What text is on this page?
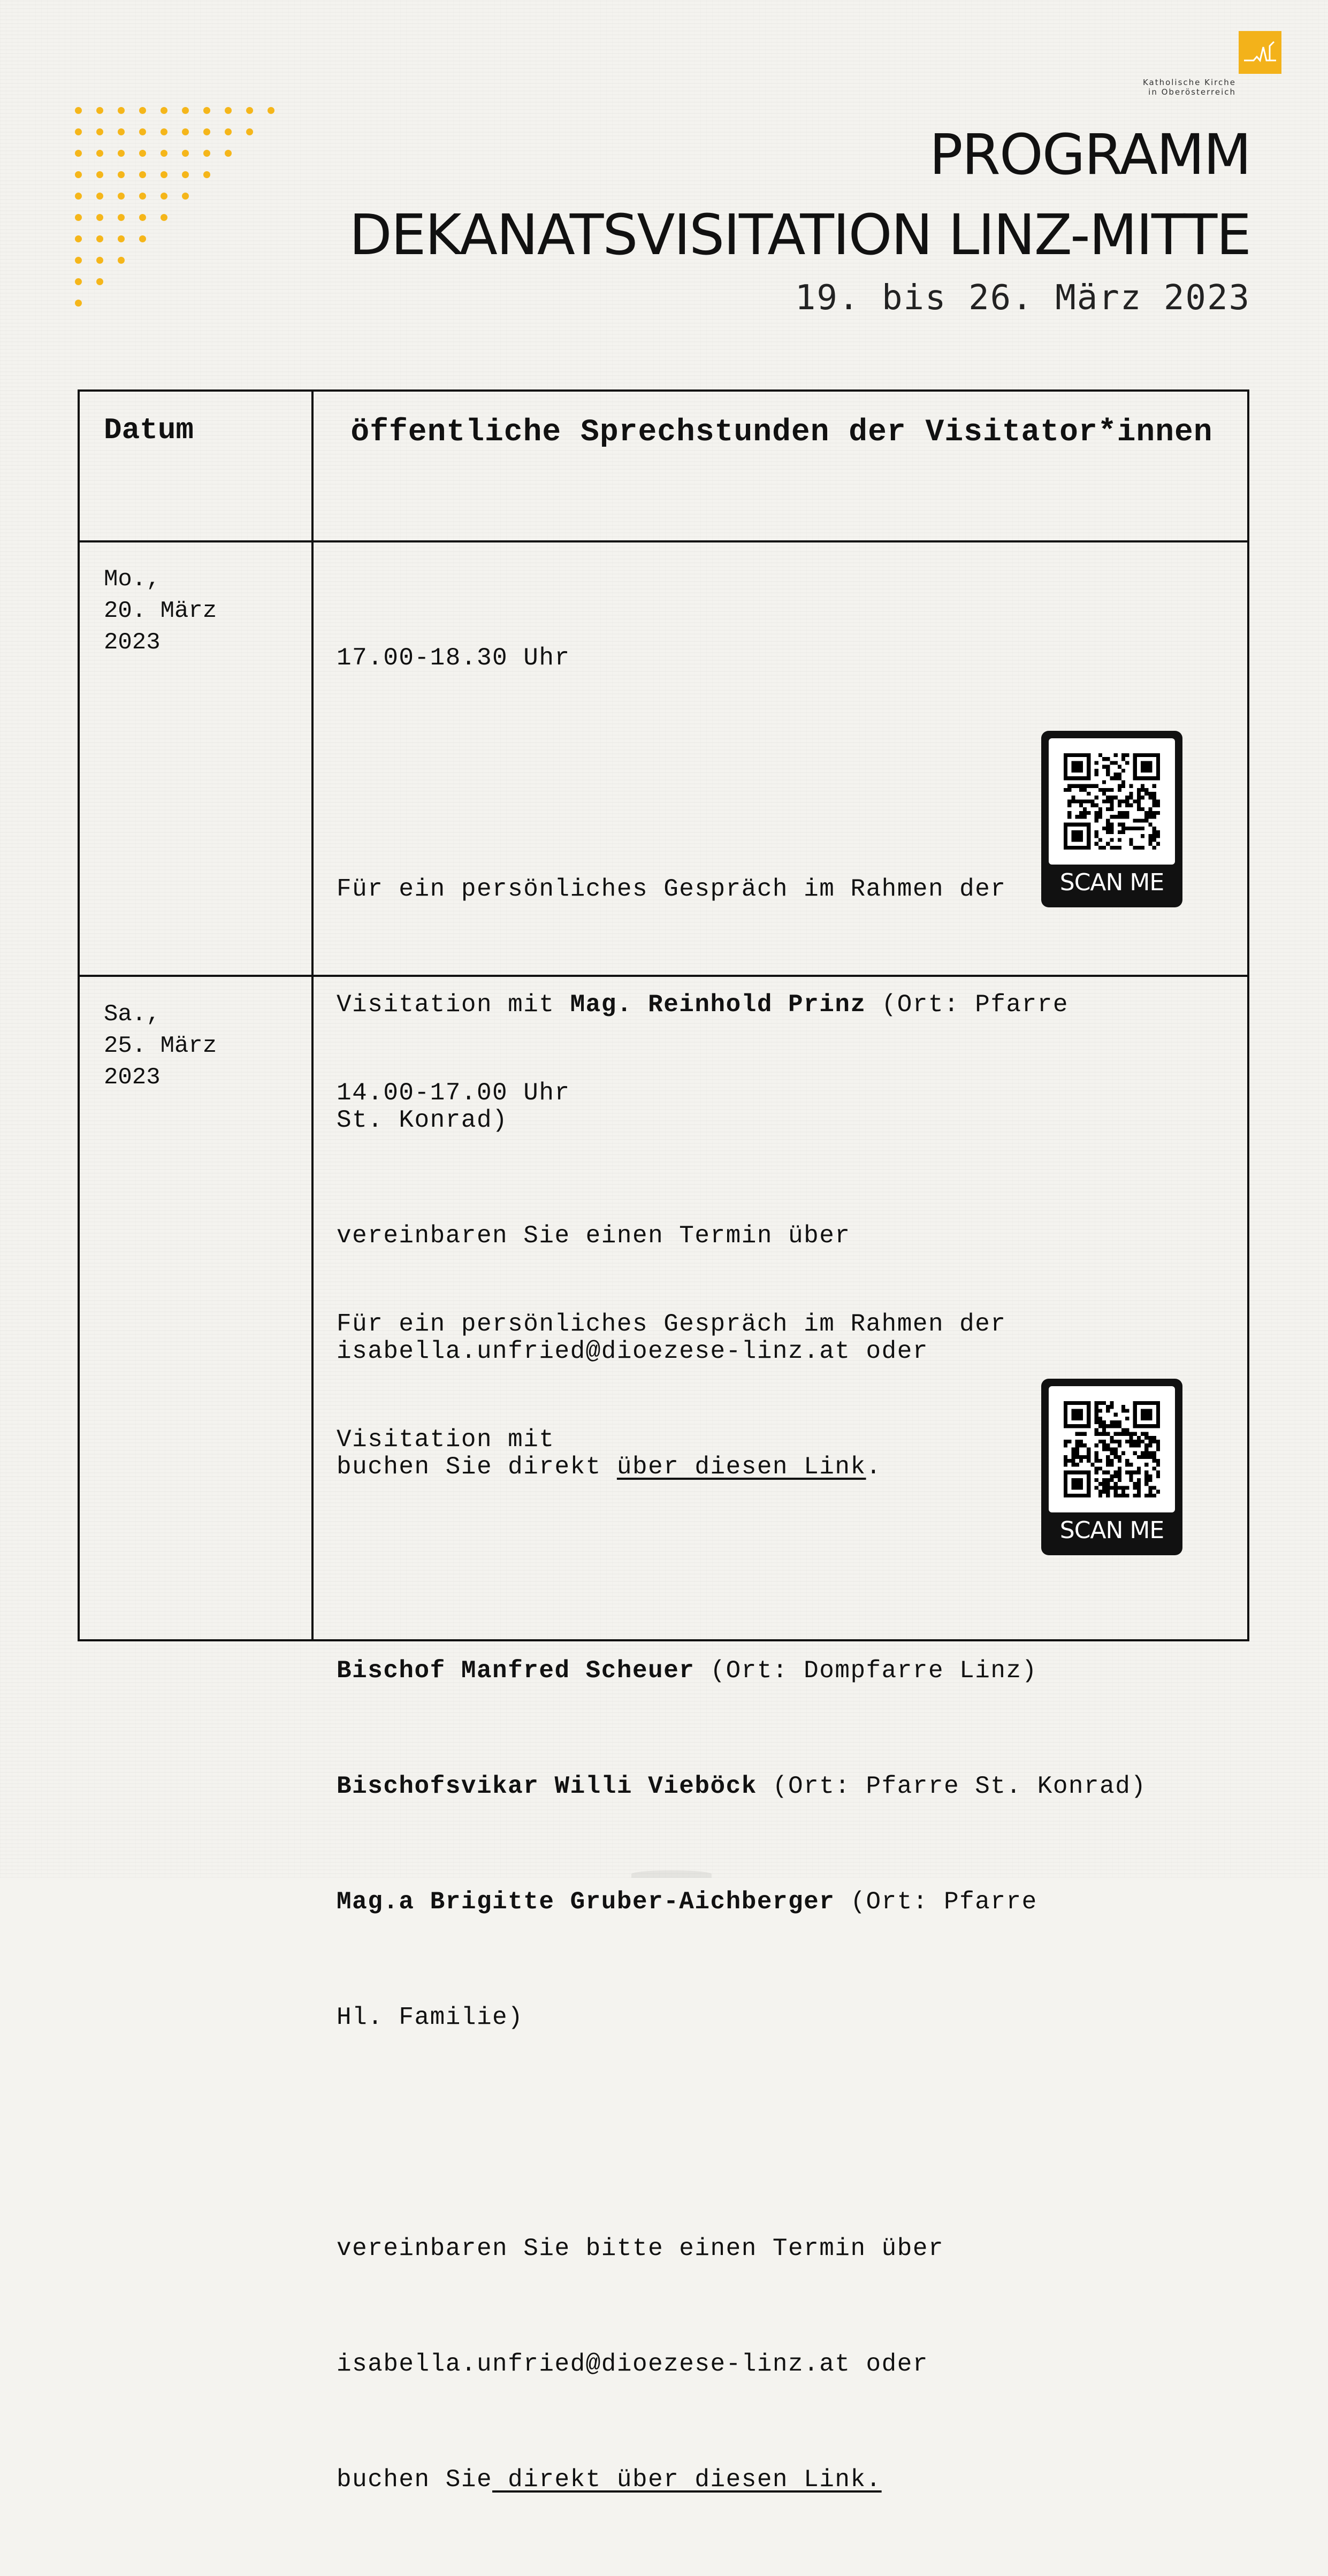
Katholische Kirche
in Oberösterreich
PROGRAMM
DEKANATSVISITATION LINZ-MITTE
19. bis 26. März 2023
Datum	öffentliche Sprechstunden der Visitator*innen
Mo.,
20. März
2023

17.00-18.30 Uhr

Für ein persönliches Gespräch im Rahmen der

Visitation mit Mag. Reinhold Prinz (Ort: Pfarre

St. Konrad)

vereinbaren Sie einen Termin über

isabella.unfried@dioezese-linz.at oder

buchen Sie direkt über diesen Link.

SCAN ME
Sa.,
25. März
2023

14.00-17.00 Uhr

Für ein persönliches Gespräch im Rahmen der

Visitation mit

Bischof Manfred Scheuer (Ort: Dompfarre Linz)

Bischofsvikar Willi Vieböck (Ort: Pfarre St. Konrad)

Mag.a Brigitte Gruber-Aichberger (Ort: Pfarre

Hl. Familie)

vereinbaren Sie bitte einen Termin über

isabella.unfried@dioezese-linz.at oder

buchen Sie direkt über diesen Link.

SCAN ME
